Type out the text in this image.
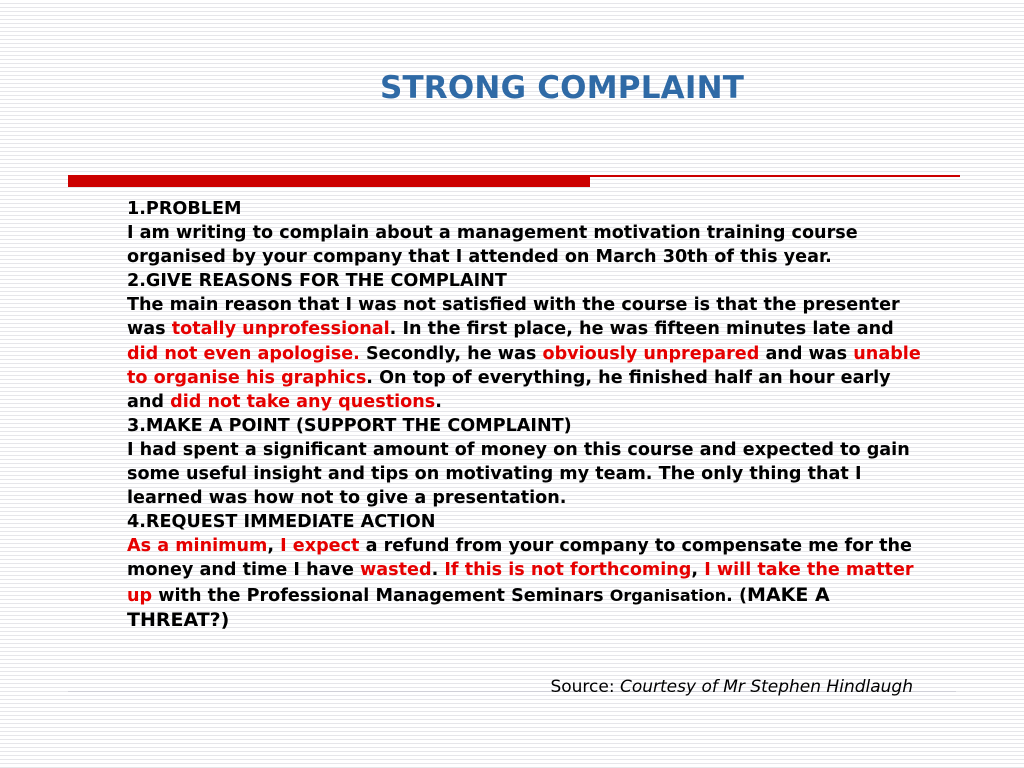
STRONG COMPLAINT

1.PROBLEM

I am writing to complain about a management motivation training course organised by your company that I attended on March 30th of this year.

2.GIVE REASONS FOR THE COMPLAINT

The main reason that I was not satisfied with the course is that the presenter was totally unprofessional. In the first place, he was fifteen minutes late and did not even apologise. Secondly, he was obviously unprepared and was unable to organise his graphics. On top of everything, he finished half an hour early and did not take any questions.

3.MAKE A POINT (SUPPORT THE COMPLAINT)

I had spent a significant amount of money on this course and expected to gain some useful insight and tips on motivating my team. The only thing that I learned was how not to give a presentation.

4.REQUEST IMMEDIATE ACTION

As a minimum, I expect a refund from your company to compensate me for the money and time I have wasted. If this is not forthcoming, I will take the matter up with the Professional Management Seminars Organisation. (MAKE A THREAT?)

Source: Courtesy of Mr Stephen Hindlaugh
